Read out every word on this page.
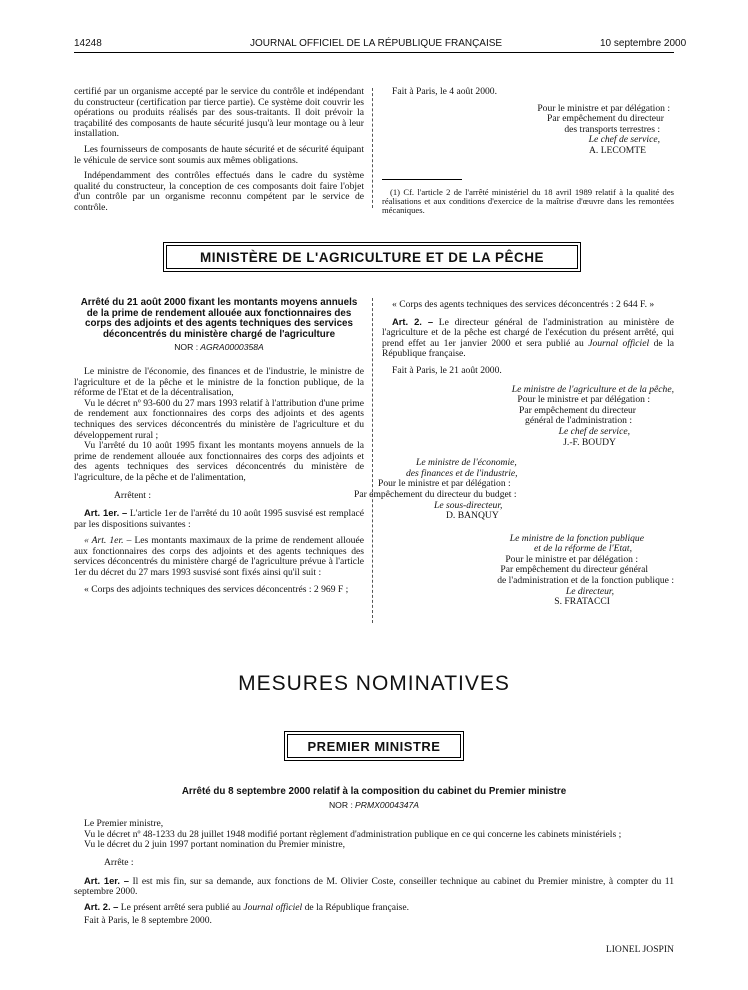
14248	JOURNAL OFFICIEL DE LA RÉPUBLIQUE FRANÇAISE	10 septembre 2000

certifié par un organisme accepté par le service du contrôle et indépendant du constructeur (certification par tierce partie). Ce système doit couvrir les opérations ou produits réalisés par des sous-traitants. Il doit prévoir la traçabilité des composants de haute sécurité jusqu'à leur montage ou à leur installation.

Les fournisseurs de composants de haute sécurité et de sécurité équipant le véhicule de service sont soumis aux mêmes obligations.

Indépendamment des contrôles effectués dans le cadre du système qualité du constructeur, la conception de ces composants doit faire l'objet d'un contrôle par un organisme reconnu compétent par le service de contrôle.

Fait à Paris, le 4 août 2000.

Pour le ministre et par délégation :

Par empêchement du directeur

des transports terrestres :

Le chef de service,

A. LECOMTE

(1) Cf. l'article 2 de l'arrêté ministériel du 18 avril 1989 relatif à la qualité des réalisations et aux conditions d'exercice de la maîtrise d'œuvre dans les remontées mécaniques.

MINISTÈRE DE L'AGRICULTURE ET DE LA PÊCHE

Arrêté du 21 août 2000 fixant les montants moyens annuels de la prime de rendement allouée aux fonctionnaires des corps des adjoints et des agents techniques des services déconcentrés du ministère chargé de l'agriculture

NOR : AGRA0000358A

Le ministre de l'économie, des finances et de l'industrie, le ministre de l'agriculture et de la pêche et le ministre de la fonction publique, de la réforme de l'Etat et de la décentralisation,

Vu le décret nº 93-600 du 27 mars 1993 relatif à l'attribution d'une prime de rendement aux fonctionnaires des corps des adjoints et des agents techniques des services déconcentrés du ministère de l'agriculture et du développement rural ;

Vu l'arrêté du 10 août 1995 fixant les montants moyens annuels de la prime de rendement allouée aux fonctionnaires des corps des adjoints et des agents techniques des services déconcentrés du ministère de l'agriculture, de la pêche et de l'alimentation,

Arrêtent :

Art. 1er. – L'article 1er de l'arrêté du 10 août 1995 susvisé est remplacé par les dispositions suivantes :

« Art. 1er. – Les montants maximaux de la prime de rendement allouée aux fonctionnaires des corps des adjoints et des agents techniques des services déconcentrés du ministère chargé de l'agriculture prévue à l'article 1er du décret du 27 mars 1993 susvisé sont fixés ainsi qu'il suit :

« Corps des adjoints techniques des services déconcentrés : 2 969 F ;

« Corps des agents techniques des services déconcentrés : 2 644 F. »

Art. 2. – Le directeur général de l'administration au ministère de l'agriculture et de la pêche est chargé de l'exécution du présent arrêté, qui prend effet au 1er janvier 2000 et sera publié au Journal officiel de la République française.

Fait à Paris, le 21 août 2000.

Le ministre de l'agriculture et de la pêche,

Pour le ministre et par délégation :

Par empêchement du directeur

général de l'administration :

Le chef de service,

J.-F. BOUDY

Le ministre de l'économie,

des finances et de l'industrie,

Pour le ministre et par délégation :

Par empêchement du directeur du budget :

Le sous-directeur,

D. BANQUY

Le ministre de la fonction publique

et de la réforme de l'Etat,

Pour le ministre et par délégation :

Par empêchement du directeur général

de l'administration et de la fonction publique :

Le directeur,

S. FRATACCI

MESURES NOMINATIVES
PREMIER MINISTRE

Arrêté du 8 septembre 2000 relatif à la composition du cabinet du Premier ministre

NOR : PRMX0004347A

Le Premier ministre,

Vu le décret nº 48-1233 du 28 juillet 1948 modifié portant règlement d'administration publique en ce qui concerne les cabinets ministériels ;

Vu le décret du 2 juin 1997 portant nomination du Premier ministre,

Arrête :

Art. 1er. – Il est mis fin, sur sa demande, aux fonctions de M. Olivier Coste, conseiller technique au cabinet du Premier ministre, à compter du 11 septembre 2000.

Art. 2. – Le présent arrêté sera publié au Journal officiel de la République française.

Fait à Paris, le 8 septembre 2000.

LIONEL JOSPIN
